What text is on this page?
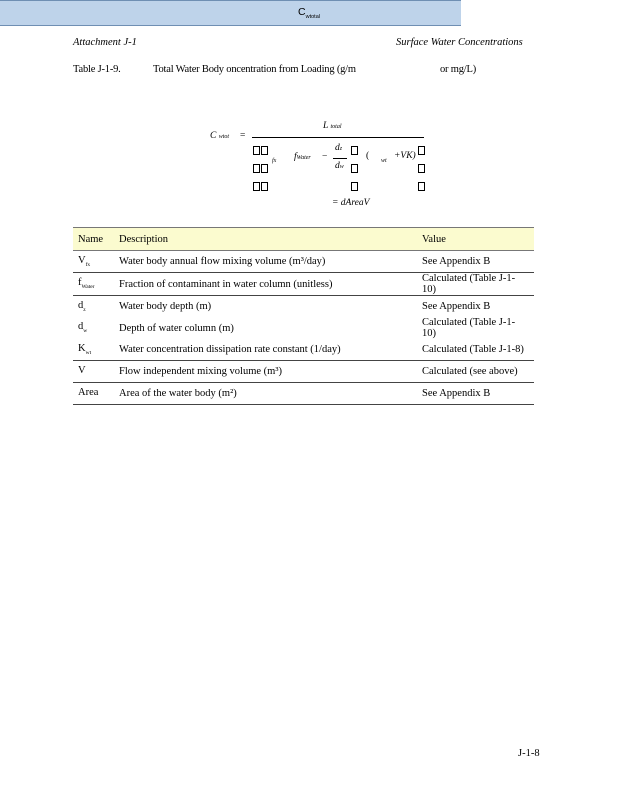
Attachment J-1	Surface Water Concentrations
Table J-1-9.	Total Water Body oncentration from Loading (g/m	or mg/L)
$C_{wtotal}$
C wtot =
L total
fx fWater −
dz
dw
( wt +VK)
= dAreaV
Name	Description	Value
$V_{fx}$	Water body annual flow mixing volume (m³/day)	See Appendix B
$f_{Water}$	Fraction of contaminant in water column (unitless)	Calculated (Table J-1-10)
$d_z$	Water body depth (m)	See Appendix B
$d_w$	Depth of water column (m)	Calculated (Table J-1-10)
$K_{wt}$	Water concentration dissipation rate constant (1/day)	Calculated (Table J-1-8)
V	Flow independent mixing volume (m³)	Calculated (see above)
Area	Area of the water body (m²)	See Appendix B
J-1-8
